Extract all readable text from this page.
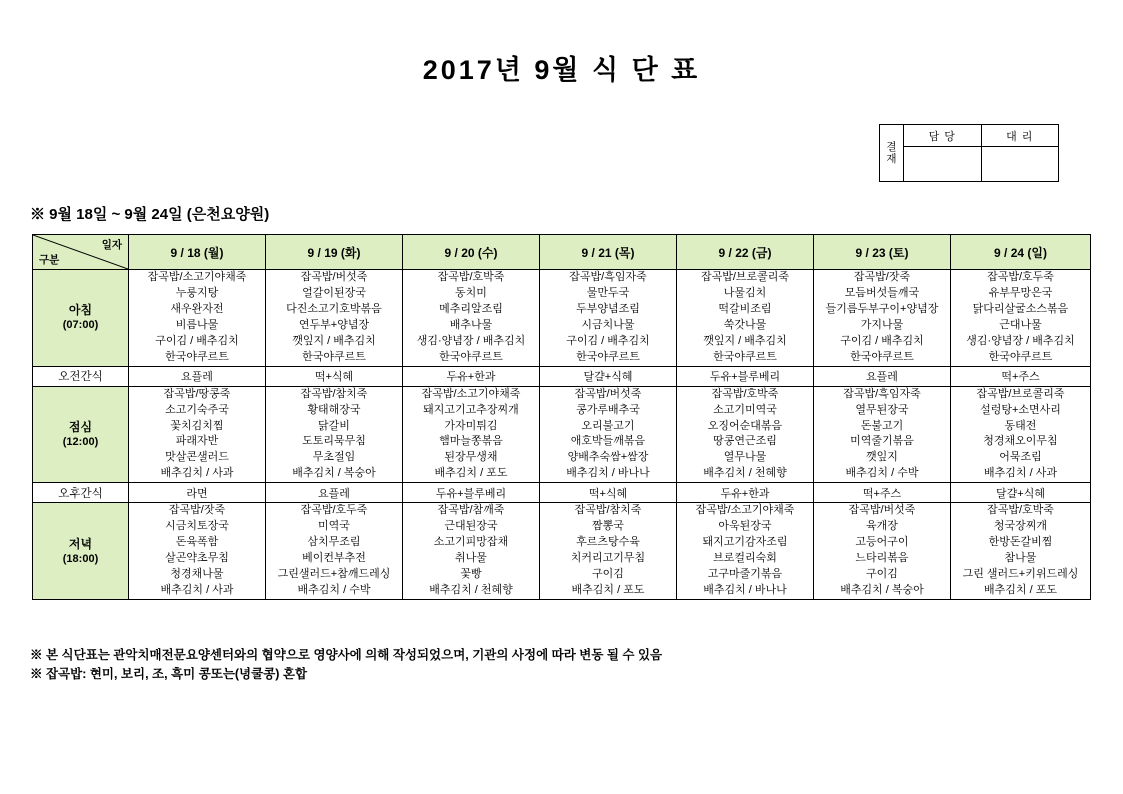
2017년 9월 식 단 표
결
재
담 당	대 리
※ 9월 18일 ~ 9월 24일 (은천요양원)
일자
구분	9 / 18 (월)	9 / 19 (화)	9 / 20 (수)	9 / 21 (목)	9 / 22 (금)	9 / 23 (토)	9 / 24 (일)

아침
(07:00)

잡곡밥/소고기야채죽
누룽지탕
새우완자전
비름나물
구이김 / 배추김치
한국야쿠르트

잡곡밥/버섯죽
얼갈이된장국
다진소고기호박볶음
연두부+양념장
깻잎지 / 배추김치
한국야쿠르트

잡곡밥/호박죽
동치미
메추리알조림
배추나물
생김·양념장 / 배추김치
한국야쿠르트

잡곡밥/흑임자죽
물만두국
두부양념조림
시금치나물
구이김 / 배추김치
한국야쿠르트

잡곡밥/브로콜리죽
나물김치
떡갈비조림
쑥갓나물
깻잎지 / 배추김치
한국야쿠르트

잡곡밥/잣죽
모듬버섯들깨국
들기름두부구이+양념장
가지나물
구이김 / 배추김치
한국야쿠르트

잡곡밥/호두죽
유부무망은국
닭다리살굴소스볶음
근대나물
생김·양념장 / 배추김치
한국야쿠르트

오전간식	요플레	떡+식혜	두유+한과	달걀+식혜	두유+블루베리	요플레	떡+주스

점심
(12:00)

잡곡밥/땅콩죽
소고기숙주국
꽃치김치찜
파래자반
맛살콘샐러드
배추김치 / 사과

잡곡밥/참치죽
황태해장국
닭갈비
도토리묵무침
무초절임
배추김치 / 복숭아

잡곡밥/소고기야채죽
돼지고기고추장찌개
가자미튀김
햄마늘쫑볶음
된장무생채
배추김치 / 포도

잡곡밥/버섯죽
콩가루배추국
오리불고기
애호박들깨볶음
양배추숙쌈+쌈장
배추김치 / 바나나

잡곡밥/호박죽
소고기미역국
오징어순대볶음
땅콩연근조림
열무나물
배추김치 / 천혜향

잡곡밥/흑임자죽
열무된장국
돈불고기
미역줄기볶음
깻잎지
배추김치 / 수박

잡곡밥/브로콜리죽
설렁탕+소면사리
동태전
청경채오이무침
어묵조림
배추김치 / 사과

오후간식	라면	요플레	두유+블루베리	떡+식혜	두유+한과	떡+주스	달걀+식혜

저녁
(18:00)

잡곡밥/잣죽
시금치토장국
돈육폭함
살곤약초무침
청경채나물
배추김치 / 사과

잡곡밥/호두죽
미역국
삼치무조림
베이컨부추전
그린샐러드+참깨드레싱
배추김치 / 수박

잡곡밥/참깨죽
근대된장국
소고기피망잡채
취나물
꽃빵
배추김치 / 천혜향

잡곡밥/참치죽
짬뽕국
후르츠탕수육
치커리고기무침
구이김
배추김치 / 포도

잡곡밥/소고기야채죽
아욱된장국
돼지고기감자조림
브로컬리숙회
고구마줄기볶음
배추김치 / 바나나

잡곡밥/버섯죽
육개장
고등어구이
느타리볶음
구이김
배추김치 / 복숭아

잡곡밥/호박죽
청국장찌개
한방돈갈비찜
참나물
그린 샐러드+키위드레싱
배추김치 / 포도
※ 본 식단표는 관악치매전문요양센터와의 협약으로 영양사에 의해 작성되었으며, 기관의 사정에 따라 변동 될 수 있음
※ 잡곡밥: 현미, 보리, 조, 흑미 콩또는(녕쿨콩) 혼합
